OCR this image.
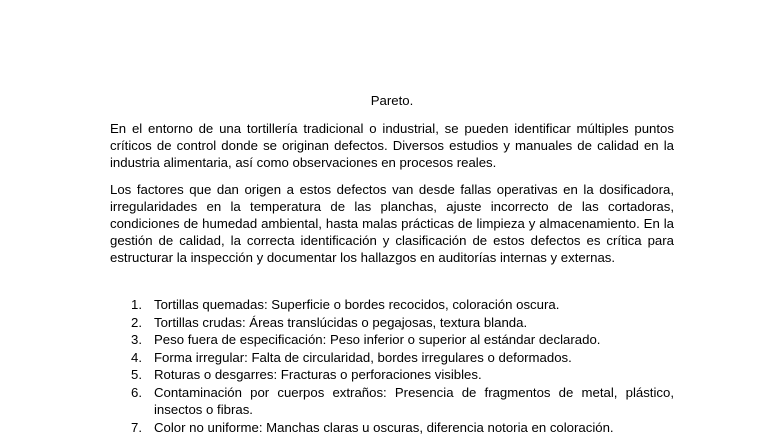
Pareto.

En el entorno de una tortillería tradicional o industrial, se pueden identificar múltiples puntos críticos de control donde se originan defectos. Diversos estudios y manuales de calidad en la industria alimentaria, así como observaciones en procesos reales.

Los factores que dan origen a estos defectos van desde fallas operativas en la dosificadora, irregularidades en la temperatura de las planchas, ajuste incorrecto de las cortadoras, condiciones de humedad ambiental, hasta malas prácticas de limpieza y almacenamiento. En la gestión de calidad, la correcta identificación y clasificación de estos defectos es crítica para estructurar la inspección y documentar los hallazgos en auditorías internas y externas.

1. Tortillas quemadas: Superficie o bordes recocidos, coloración oscura.
2. Tortillas crudas: Áreas translúcidas o pegajosas, textura blanda.
3. Peso fuera de especificación: Peso inferior o superior al estándar declarado.
4. Forma irregular: Falta de circularidad, bordes irregulares o deformados.
5. Roturas o desgarres: Fracturas o perforaciones visibles.
6. Contaminación por cuerpos extraños: Presencia de fragmentos de metal, plástico, insectos o fibras.
7. Color no uniforme: Manchas claras u oscuras, diferencia notoria en coloración.
